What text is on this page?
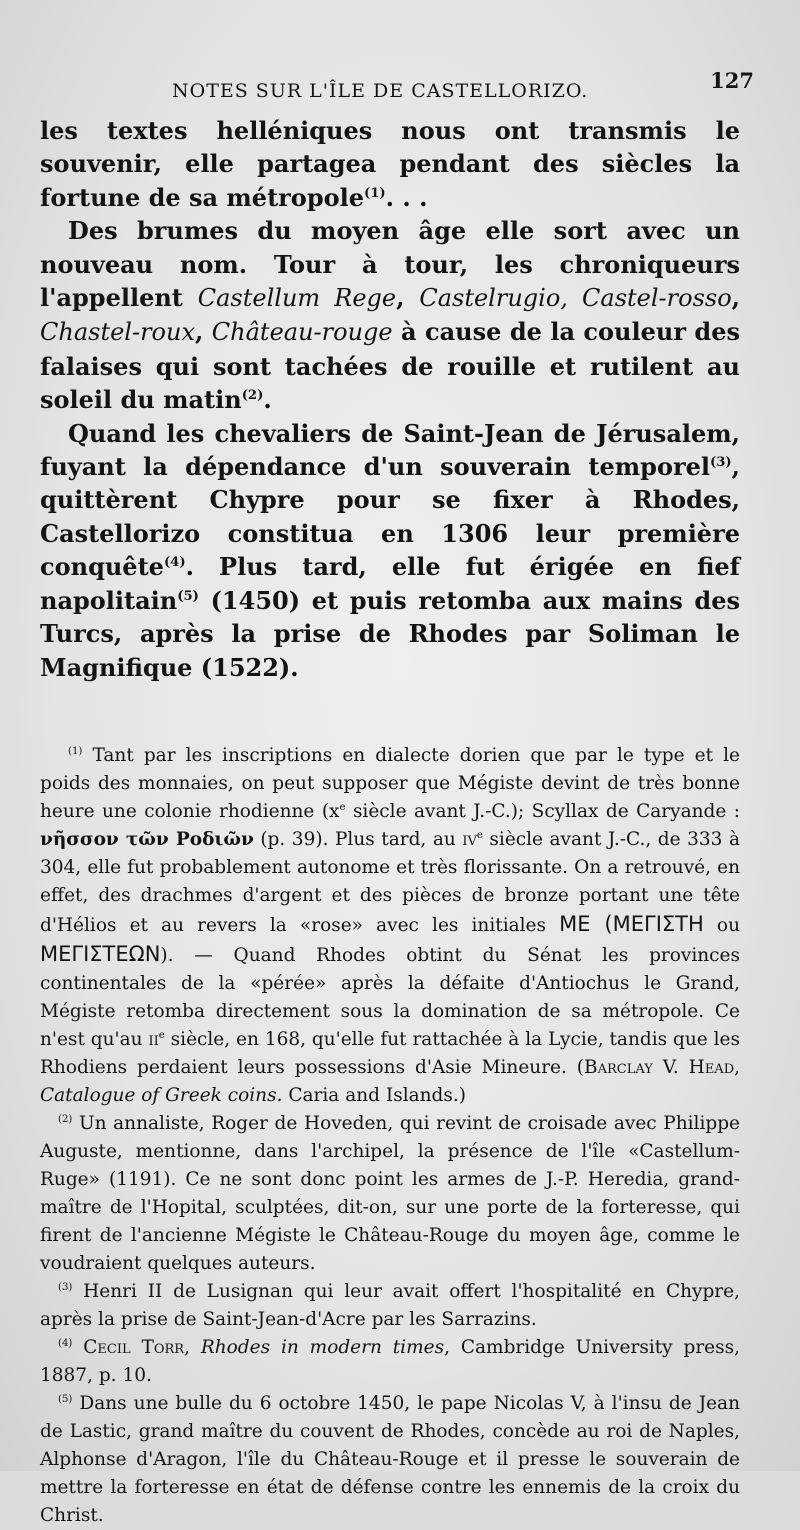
NOTES SUR L'ÎLE DE CASTELLORIZO.	127

les textes helléniques nous ont transmis le souvenir, elle partagea pendant des siècles la fortune de sa métropole$^{(1)}$. . .

Des brumes du moyen âge elle sort avec un nouveau nom. Tour à tour, les chroniqueurs l'appellent Castellum Rege, Castelrugio, Castel-rosso, Chastel-roux, Château-rouge à cause de la couleur des falaises qui sont tachées de rouille et rutilent au soleil du matin$^{(2)}$.

Quand les chevaliers de Saint-Jean de Jérusalem, fuyant la dépendance d'un souverain temporel$^{(3)}$, quittèrent Chypre pour se fixer à Rhodes, Castellorizo constitua en 1306 leur première conquête$^{(4)}$. Plus tard, elle fut érigée en fief napolitain$^{(5)}$ (1450) et puis retomba aux mains des Turcs, après la prise de Rhodes par Soliman le Magnifique (1522).

$^{(1)}$ Tant par les inscriptions en dialecte dorien que par le type et le poids des monnaies, on peut supposer que Mégiste devint de très bonne heure une colonie rhodienne ($x^e$ siècle avant J.-C.); Scyllax de Caryande : νῆσσον τῶν Ροδιῶν (p. 39). Plus tard, au $iv^e$ siècle avant J.-C., de 333 à 304, elle fut probablement autonome et très florissante. On a retrouvé, en effet, des drachmes d'argent et des pièces de bronze portant une tête d'Hélios et au revers la «rose» avec les initiales ΜΕ (ΜΕΓΙΣΤΗ ou ΜΕΓΙΣΤΕΩΝ). — Quand Rhodes obtint du Sénat les provinces continentales de la «pérée» après la défaite d'Antiochus le Grand, Mégiste retomba directement sous la domination de sa métropole. Ce n'est qu'au $ii^e$ siècle, en 168, qu'elle fut rattachée à la Lycie, tandis que les Rhodiens perdaient leurs possessions d'Asie Mineure. (Barclay V. Head, Catalogue of Greek coins. Caria and Islands.)

$^{(2)}$ Un annaliste, Roger de Hoveden, qui revint de croisade avec Philippe Auguste, mentionne, dans l'archipel, la présence de l'île «Castellum-Ruge» (1191). Ce ne sont donc point les armes de J.-P. Heredia, grand-maître de l'Hopital, sculptées, dit-on, sur une porte de la forteresse, qui firent de l'ancienne Mégiste le Château-Rouge du moyen âge, comme le voudraient quelques auteurs.

$^{(3)}$ Henri II de Lusignan qui leur avait offert l'hospitalité en Chypre, après la prise de Saint-Jean-d'Acre par les Sarrazins.

$^{(4)}$ Cecil Torr, Rhodes in modern times, Cambridge University press, 1887, p. 10.

$^{(5)}$ Dans une bulle du 6 octobre 1450, le pape Nicolas V, à l'insu de Jean de Lastic, grand maître du couvent de Rhodes, concède au roi de Naples, Alphonse d'Aragon, l'île du Château-Rouge et il presse le souverain de mettre la forteresse en état de défense contre les ennemis de la croix du Christ.
